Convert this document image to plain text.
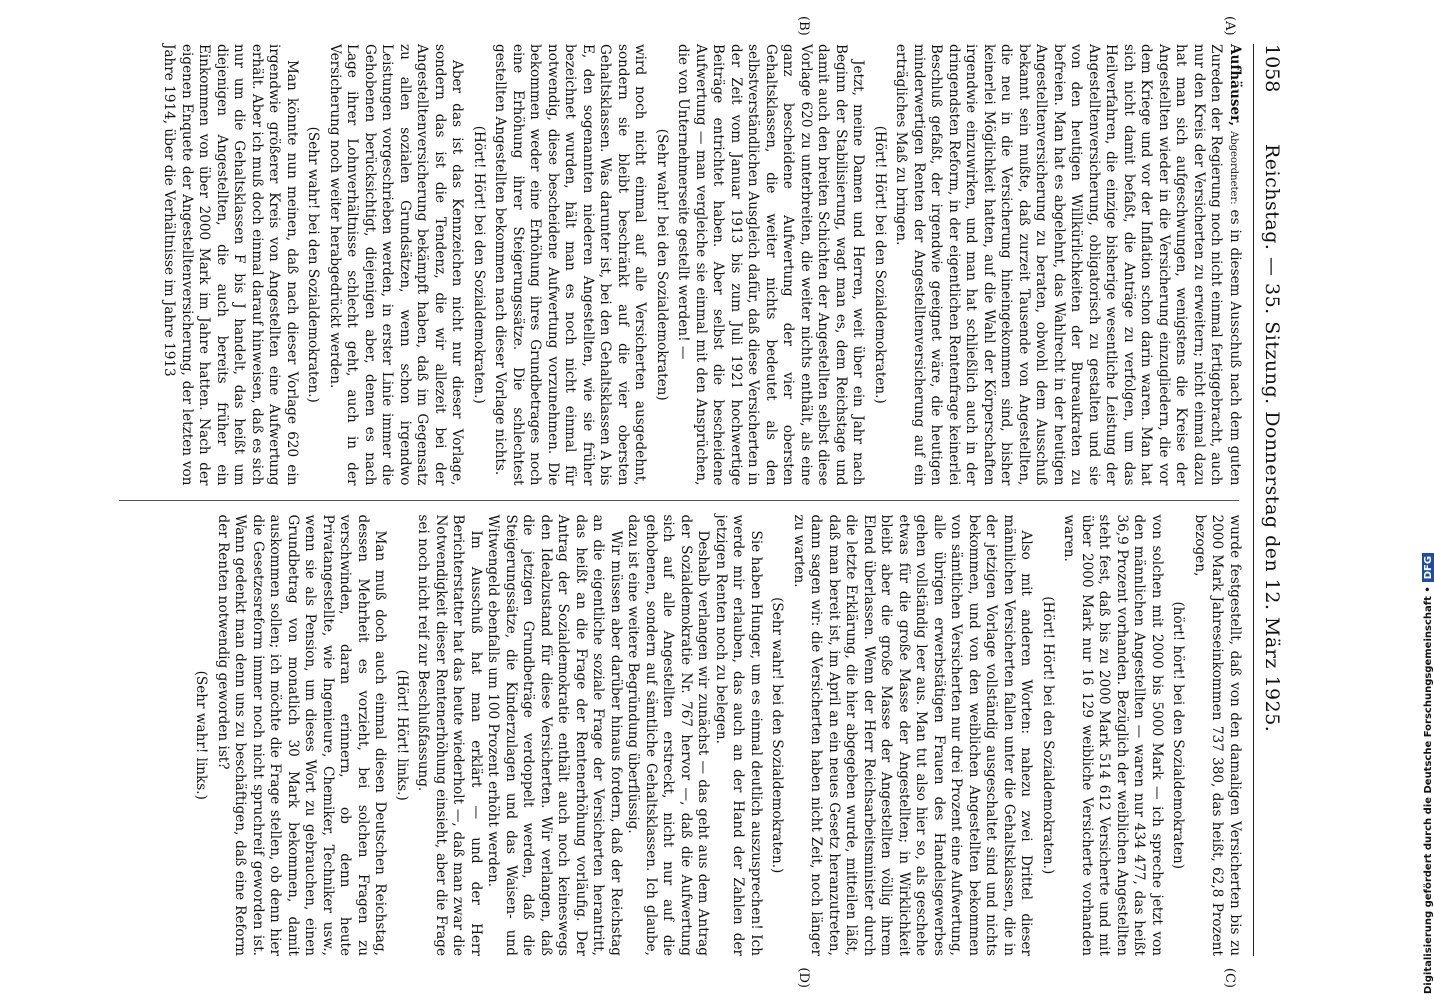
1058
Reichstag. — 35. Sitzung. Donnerstag den 12. März 1925.
(A)
(B)
(C)
(D)

Aufhäuser, Abgeordneter: es in diesem Ausschuß nach dem guten Zureden der Regierung noch nicht einmal fertiggebracht, auch nur den Kreis der Versicherten zu erweitern; nicht einmal dazu hat man sich aufgeschwungen, wenigstens die Kreise der Angestellten wieder in die Versicherung einzugliedern, die vor dem Kriege und vor der Inflation schon darin waren. Man hat sich nicht damit befaßt, die Anträge zu verfolgen, um das Heilverfahren, die einzige bisherige wesentliche Leistung der Angestelltenversicherung, obligatorisch zu gestalten und sie von den heutigen Willkürlichkeiten der Bureaukraten zu befreien. Man hat es abgelehnt, das Wahlrecht in der heutigen Angestelltenversicherung zu beraten, obwohl dem Ausschuß bekannt sein mußte, daß zurzeit Tausende von Angestellten, die neu in die Versicherung hineingekommen sind, bisher keinerlei Möglichkeit hatten, auf die Wahl der Körperschaften irgendwie einzuwirken, und man hat schließlich auch in der dringendsten Reform, in der eigentlichen Rentenfrage keinerlei Beschluß gefaßt, der irgendwie geeignet wäre, die heutigen minderwertigen Renten der Angestelltenversicherung auf ein erträgliches Maß zu bringen.

(Hört! Hört! bei den Sozialdemokraten.)

Jetzt, meine Damen und Herren, weit über ein Jahr nach Beginn der Stabilisierung, wagt man es, dem Reichstage und damit auch den breiten Schichten der Angestellten selbst diese Vorlage 620 zu unterbreiten, die weiter nichts enthält, als eine ganz bescheidene Aufwertung der vier obersten Gehaltsklassen, die weiter nichts bedeutet als den selbstverständlichen Ausgleich dafür, daß diese Versicherten in der Zeit vom Januar 1913 bis zum Juli 1921 hochwertige Beiträge entrichtet haben. Aber selbst die bescheidene Aufwertung — man vergleiche sie einmal mit den Ansprüchen, die von Unternehmerseite gestellt werden! —

(Sehr wahr! bei den Sozialdemokraten)

wird noch nicht einmal auf alle Versicherten ausgedehnt, sondern sie bleibt beschränkt auf die vier obersten Gehaltsklassen. Was darunter ist, bei den Gehaltsklassen A bis E, den sogenannten niederen Angestellten, wie sie früher bezeichnet wurden, hält man es noch nicht einmal für notwendig, diese bescheidene Aufwertung vorzunehmen. Die bekommen weder eine Erhöhung ihres Grundbetrages noch eine Erhöhung ihrer Steigerungssätze. Die schlechtest gestellten Angestellten bekommen nach dieser Vorlage nichts.

(Hört! Hört! bei den Sozialdemokraten.)

Aber das ist das Kennzeichen nicht nur dieser Vorlage, sondern das ist die Tendenz, die wir allezeit bei der Angestelltenversicherung bekämpft haben, daß im Gegensatz zu allen sozialen Grundsätzen, wenn schon irgendwo Leistungen vorgeschrieben werden, in erster Linie immer die Gehobenen berücksichtigt, diejenigen aber, denen es nach Lage ihrer Lohnverhältnisse schlecht geht, auch in der Versicherung noch weiter herabgedrückt werden.

(Sehr wahr! bei den Sozialdemokraten.)

Man könnte nun meinen, daß nach dieser Vorlage 620 ein irgendwie größerer Kreis von Angestellten eine Aufwertung erhält. Aber ich muß doch einmal darauf hinweisen, daß es sich nur um die Gehaltsklassen F bis J handelt, das heißt um diejenigen Angestellten, die auch bereits früher ein Einkommen von über 2000 Mark im Jahre hatten. Nach der eigenen Enquete der Angestelltenversicherung, der letzten von Jahre 1914, über die Verhältnisse im Jahre 1913

wurde festgestellt, daß von den damaligen Versicherten bis zu 2000 Mark Jahreseinkommen 737 380, das heißt, 62,8 Prozent bezogen,

(hört! hört! bei den Sozialdemokraten)

von solchen mit 2000 bis 5000 Mark — ich spreche jetzt von den männlichen Angestellten — waren nur 434 477, das heißt 36,9 Prozent vorhanden. Bezüglich der weiblichen Angestellten steht fest, daß bis zu 2000 Mark 514 612 Versicherte und mit über 2000 Mark nur 16 129 weibliche Versicherte vorhanden waren.

(Hört! Hört! bei den Sozialdemokraten.)

Also mit anderen Worten: nahezu zwei Drittel dieser männlichen Versicherten fallen unter die Gehaltsklassen, die in der jetzigen Vorlage vollständig ausgeschaltet sind und nichts bekommen, und von den weiblichen Angestellten bekommen von sämtlichen Versicherten nur drei Prozent eine Aufwertung, alle übrigen erwerbstätigen Frauen des Handelsgewerbes gehen vollständig leer aus. Man tut also hier so, als geschehe etwas für die große Masse der Angestellten; in Wirklichkeit bleibt aber die große Masse der Angestellten völlig ihrem Elend überlassen. Wenn der Herr Reichsarbeitsminister durch die letzte Erklärung, die hier abgegeben wurde, mitteilen läßt, daß man bereit ist, im April an ein neues Gesetz heranzutreten, dann sagen wir: die Versicherten haben nicht Zeit, noch länger zu warten.

(Sehr wahr! bei den Sozialdemokraten.)

Sie haben Hunger, um es einmal deutlich auszusprechen! Ich werde mir erlauben, das auch an der Hand der Zahlen der jetzigen Renten noch zu belegen.

Deshalb verlangen wir zunächst — das geht aus dem Antrag der Sozialdemokratie Nr. 767 hervor —, daß die Aufwertung sich auf alle Angestellten erstreckt, nicht nur auf die gehobenen, sondern auf sämtliche Gehaltsklassen. Ich glaube, dazu ist eine weitere Begründung überflüssig.

Wir müssen aber darüber hinaus fordern, daß der Reichstag an die eigentliche soziale Frage der Versicherten herantritt, das heißt an die Frage der Rentenerhöhung vorläufig. Der Antrag der Sozialdemokratie enthält auch noch keineswegs den Idealzustand für diese Versicherten. Wir verlangen, daß die jetzigen Grundbeträge verdoppelt werden, daß die Steigerungssätze, die Kinderzulagen und das Waisen- und Witwengeld ebenfalls um 100 Prozent erhöht werden.

Im Ausschuß hat man erklärt — und der Herr Berichterstatter hat das heute wiederholt —, daß man zwar die Notwendigkeit dieser Rentenerhöhung einsieht, aber die Frage sei noch nicht reif zur Beschlußfassung.

(Hört! Hört! links.)

Man muß doch auch einmal diesen Deutschen Reichstag, dessen Mehrheit es vorzieht, bei solchen Fragen zu verschwinden, daran erinnern, ob denn heute Privatangestellte, wie Ingenieure, Chemiker, Techniker usw., wenn sie als Pension, um dieses Wort zu gebrauchen, einen Grundbetrag von monatlich 30 Mark bekommen, damit auskommen sollen; ich möchte die Frage stellen, ob denn hier die Gesetzesreform immer noch nicht spruchreif geworden ist. Wann gedenkt man denn uns zu beschäftigen, daß eine Reform der Renten notwendig geworden ist?

(Sehr wahr! links.)	Digitalisierung gefördert durch die Deutsche Forschungsgemeinschaft •DFG
